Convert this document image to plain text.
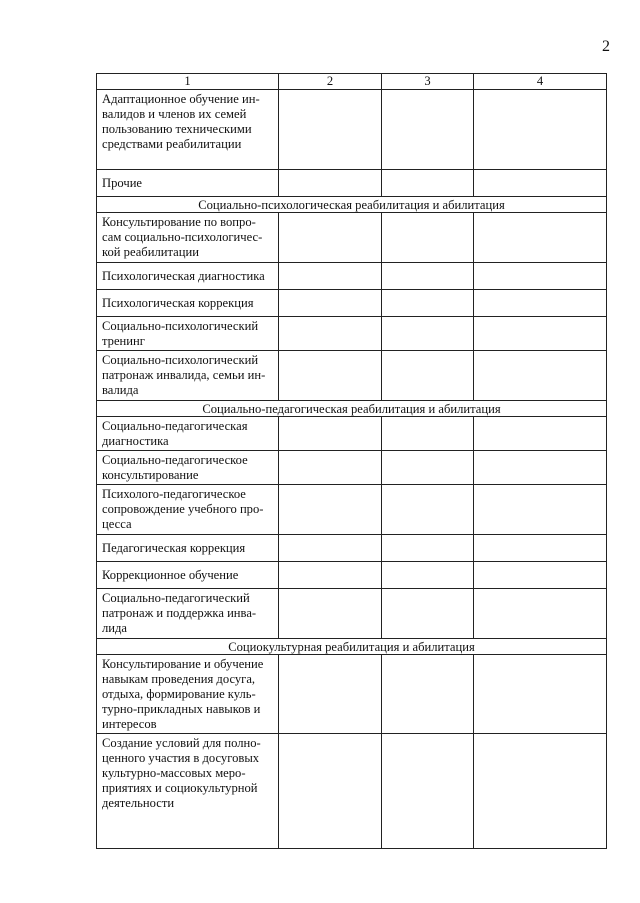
2
1	2	3	4

Адаптационное обучение ин-
валидов и членов их семей
пользованию техническими
средствами реабилитации			

Прочие			

Социально-психологическая реабилитация и абилитация			

Консультирование по вопро-
сам социально-психологичес-
кой реабилитации			

Психологическая диагностика			

Психологическая коррекция			

Социально-психологический
тренинг			

Социально-психологический
патронаж инвалида, семьи ин-
валида			

Социально-педагогическая реабилитация и абилитация			

Социально-педагогическая
диагностика			

Социально-педагогическое
консультирование			

Психолого-педагогическое
сопровождение учебного про-
цесса			

Педагогическая коррекция			

Коррекционное обучение			

Социально-педагогический
патронаж и поддержка инва-
лида			

Социокультурная реабилитация и абилитация			

Консультирование и обучение
навыкам проведения досуга,
отдыха, формирование куль-
турно-прикладных навыков и
интересов			

Создание условий для полно-
ценного участия в досуговых
культурно-массовых меро-
приятиях и социокультурной
деятельности			
